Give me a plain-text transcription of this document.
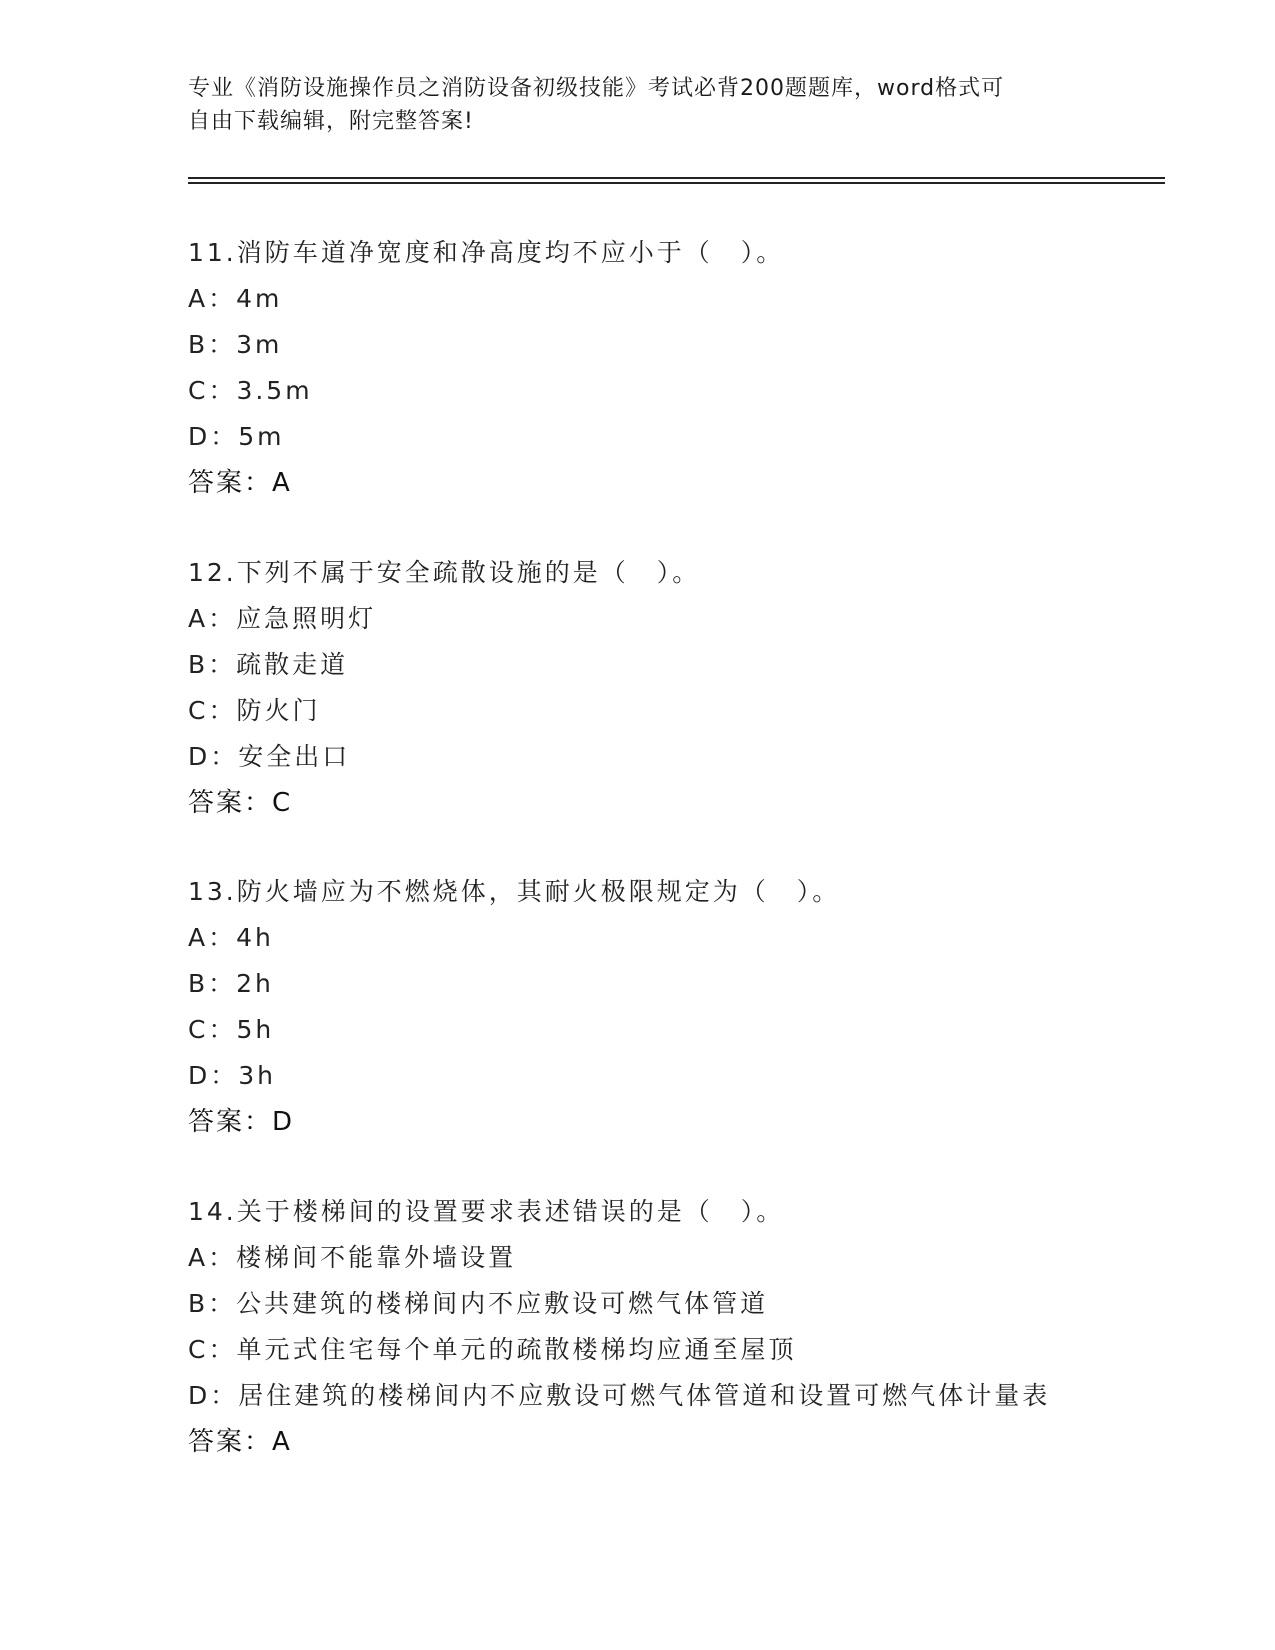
专业《消防设施操作员之消防设备初级技能》考试必背200题题库，word格式可
自由下载编辑，附完整答案!
11.消防车道净宽度和净高度均不应小于（　）。
A：4m
B：3m
C：3.5m
D：5m
答案：A
12.下列不属于安全疏散设施的是（　）。
A：应急照明灯
B：疏散走道
C：防火门
D：安全出口
答案：C
13.防火墙应为不燃烧体，其耐火极限规定为（　）。
A：4h
B：2h
C：5h
D：3h
答案：D
14.关于楼梯间的设置要求表述错误的是（　）。
A：楼梯间不能靠外墙设置
B：公共建筑的楼梯间内不应敷设可燃气体管道
C：单元式住宅每个单元的疏散楼梯均应通至屋顶
D：居住建筑的楼梯间内不应敷设可燃气体管道和设置可燃气体计量表
答案：A
